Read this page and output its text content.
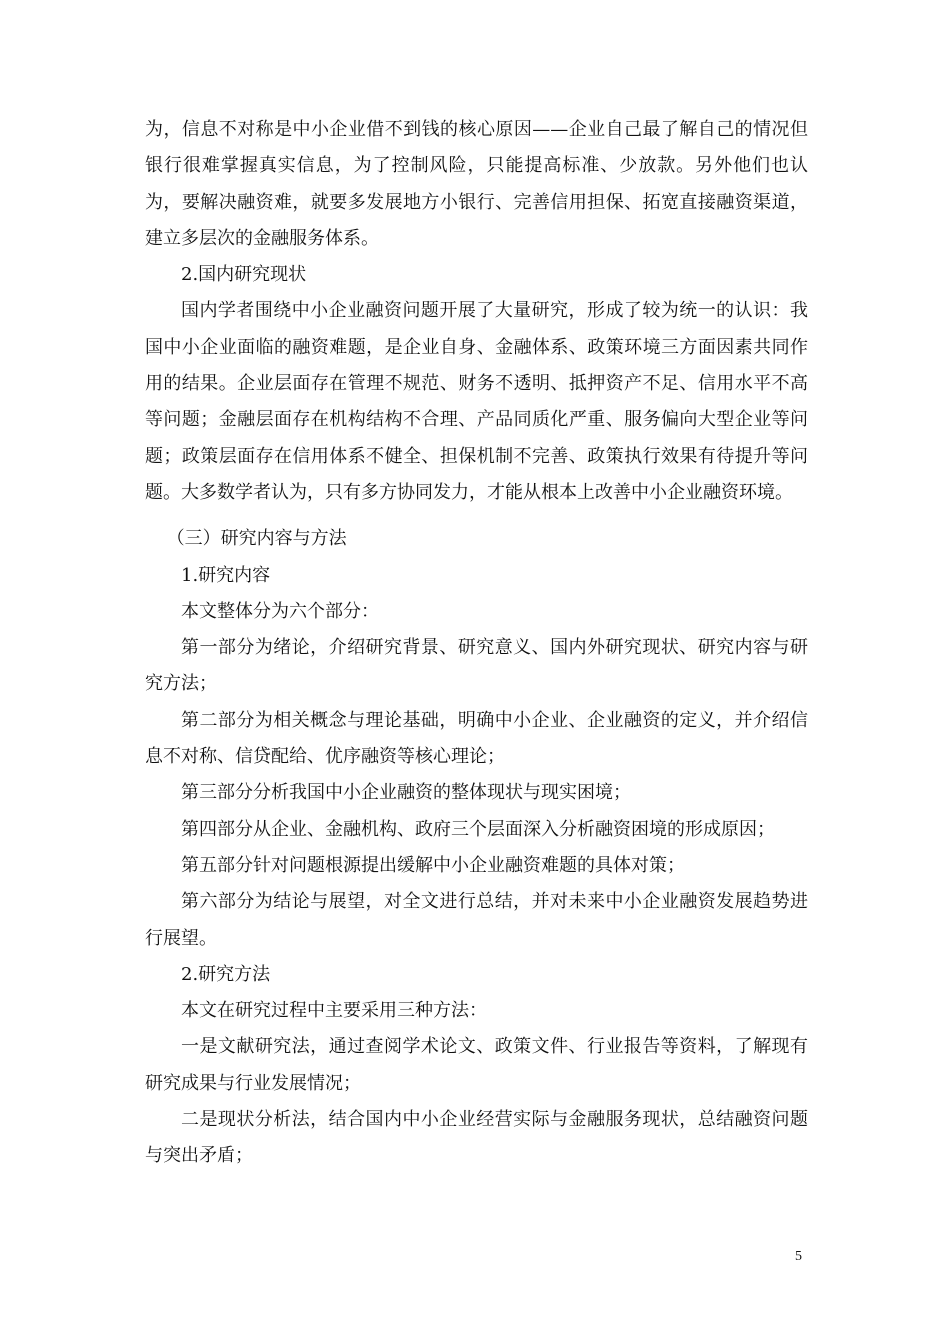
为，信息不对称是中小企业借不到钱的核心原因——企业自己最了解自己的情况但银行很难掌握真实信息，为了控制风险，只能提高标准、少放款。另外他们也认为，要解决融资难，就要多发展地方小银行、完善信用担保、拓宽直接融资渠道，建立多层次的金融服务体系。

2.国内研究现状

国内学者围绕中小企业融资问题开展了大量研究，形成了较为统一的认识：我国中小企业面临的融资难题，是企业自身、金融体系、政策环境三方面因素共同作用的结果。企业层面存在管理不规范、财务不透明、抵押资产不足、信用水平不高等问题；金融层面存在机构结构不合理、产品同质化严重、服务偏向大型企业等问题；政策层面存在信用体系不健全、担保机制不完善、政策执行效果有待提升等问题。大多数学者认为，只有多方协同发力，才能从根本上改善中小企业融资环境。

（三）研究内容与方法

1.研究内容

本文整体分为六个部分：

第一部分为绪论，介绍研究背景、研究意义、国内外研究现状、研究内容与研究方法；

第二部分为相关概念与理论基础，明确中小企业、企业融资的定义，并介绍信息不对称、信贷配给、优序融资等核心理论；

第三部分分析我国中小企业融资的整体现状与现实困境；

第四部分从企业、金融机构、政府三个层面深入分析融资困境的形成原因；

第五部分针对问题根源提出缓解中小企业融资难题的具体对策；

第六部分为结论与展望，对全文进行总结，并对未来中小企业融资发展趋势进行展望。

2.研究方法

本文在研究过程中主要采用三种方法：

一是文献研究法，通过查阅学术论文、政策文件、行业报告等资料，了解现有研究成果与行业发展情况；

二是现状分析法，结合国内中小企业经营实际与金融服务现状，总结融资问题与突出矛盾；

5
